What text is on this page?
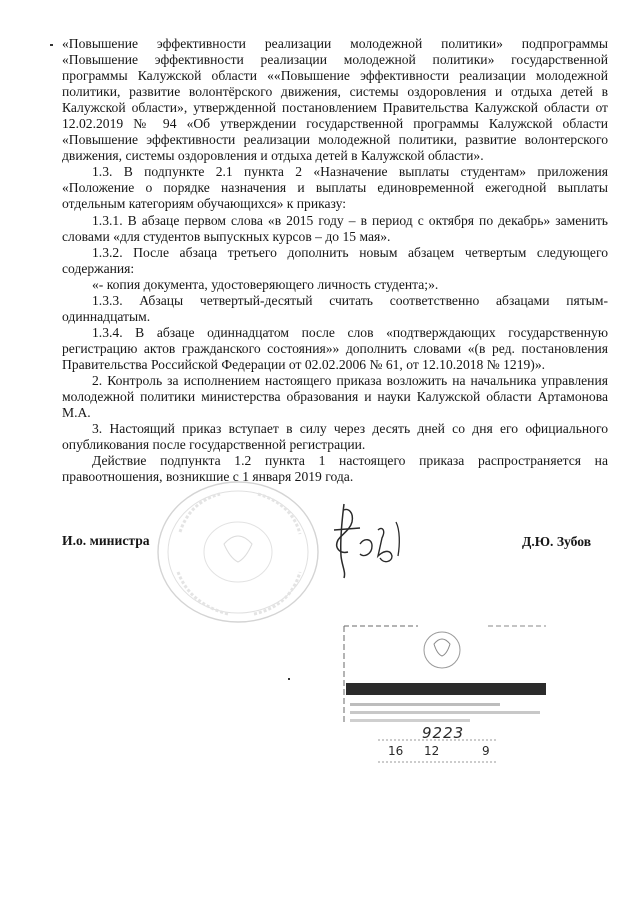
«Повышение эффективности реализации молодежной политики» подпрограммы «Повышение эффективности реализации молодежной политики» государственной программы Калужской области ««Повышение эффективности реализации молодежной политики, развитие волонтёрского движения, системы оздоровления и отдыха детей в Калужской области», утвержденной постановлением Правительства Калужской области от 12.02.2019 № 94 «Об утверждении государственной программы Калужской области «Повышение эффективности реализации молодежной политики, развитие волонтерского движения, системы оздоровления и отдыха детей в Калужской области».

1.3. В подпункте 2.1 пункта 2 «Назначение выплаты студентам» приложения «Положение о порядке назначения и выплаты единовременной ежегодной выплаты отдельным категориям обучающихся» к приказу:

1.3.1. В абзаце первом слова «в 2015 году – в период с октября по декабрь» заменить словами «для студентов выпускных курсов – до 15 мая».

1.3.2. После абзаца третьего дополнить новым абзацем четвертым следующего содержания:

«- копия документа, удостоверяющего личность студента;».

1.3.3. Абзацы четвертый-десятый считать соответственно абзацами пятым-одиннадцатым.

1.3.4. В абзаце одиннадцатом после слов «подтверждающих государственную регистрацию актов гражданского состояния»» дополнить словами «(в ред. постановления Правительства Российской Федерации от 02.02.2006 № 61, от 12.10.2018 № 1219)».

2. Контроль за исполнением настоящего приказа возложить на начальника управления молодежной политики министерства образования и науки Калужской области Артамонова М.А.

3. Настоящий приказ вступает в силу через десять дней со дня его официального опубликования после государственной регистрации.

Действие подпункта 1.2 пункта 1 настоящего приказа распространяется на правоотношения, возникшие с 1 января 2019 года.

И.о. министра	Д.Ю. Зубов
9223
16 12	9
